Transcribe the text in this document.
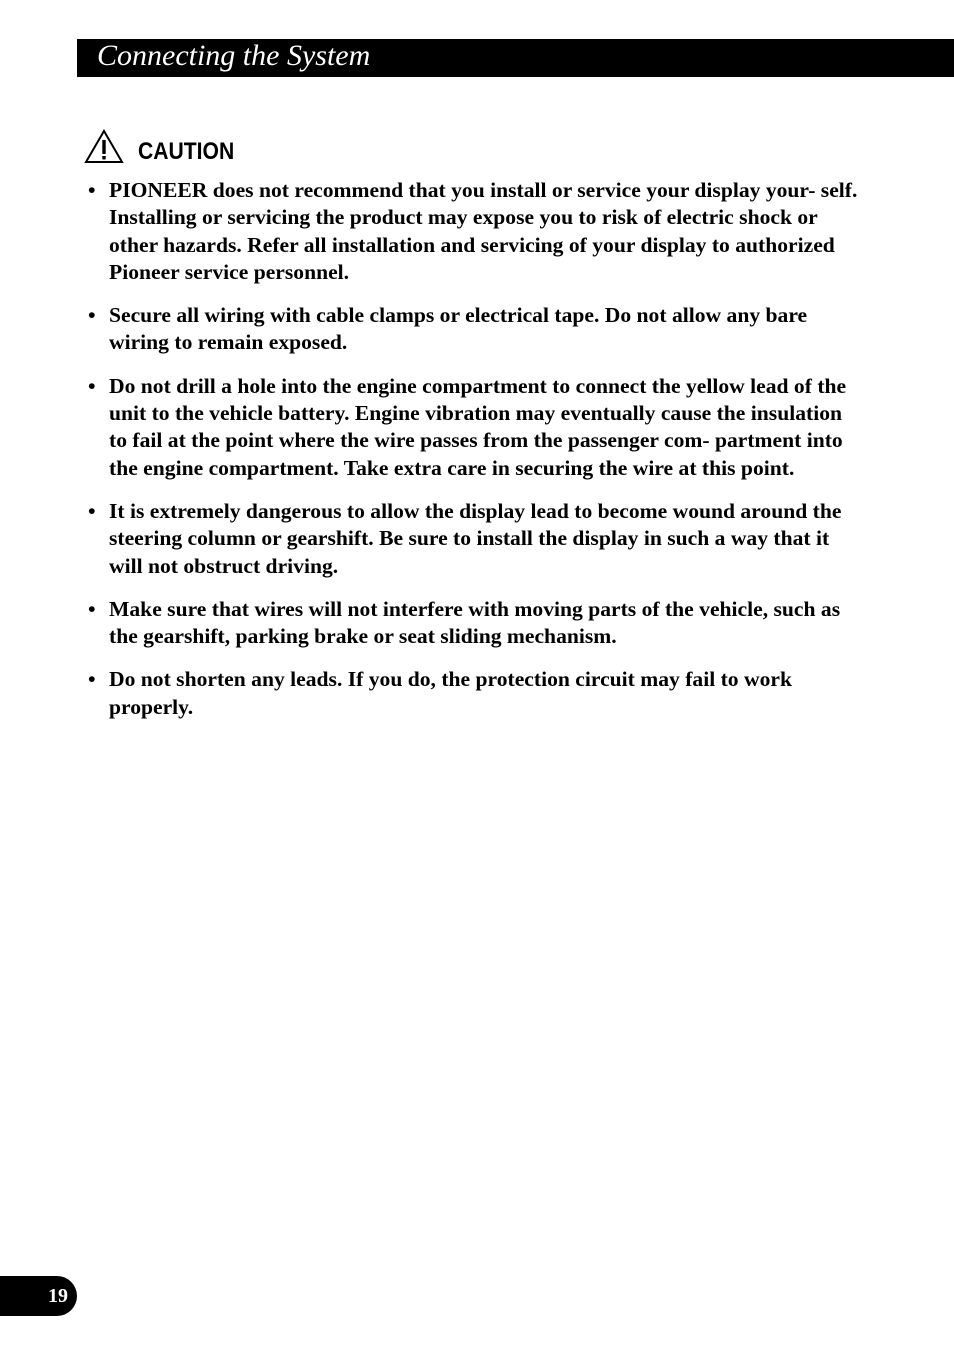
Connecting the System
CAUTION
• PIONEER does not recommend that you install or service your display your- self. Installing or servicing the product may expose you to risk of electric shock or other hazards. Refer all installation and servicing of your display to authorized Pioneer service personnel.
• Secure all wiring with cable clamps or electrical tape. Do not allow any bare wiring to remain exposed.
• Do not drill a hole into the engine compartment to connect the yellow lead of the unit to the vehicle battery. Engine vibration may eventually cause the insulation to fail at the point where the wire passes from the passenger com- partment into the engine compartment. Take extra care in securing the wire at this point.
• It is extremely dangerous to allow the display lead to become wound around the steering column or gearshift. Be sure to install the display in such a way that it will not obstruct driving.
• Make sure that wires will not interfere with moving parts of the vehicle, such as the gearshift, parking brake or seat sliding mechanism.
• Do not shorten any leads. If you do, the protection circuit may fail to work properly.
19
